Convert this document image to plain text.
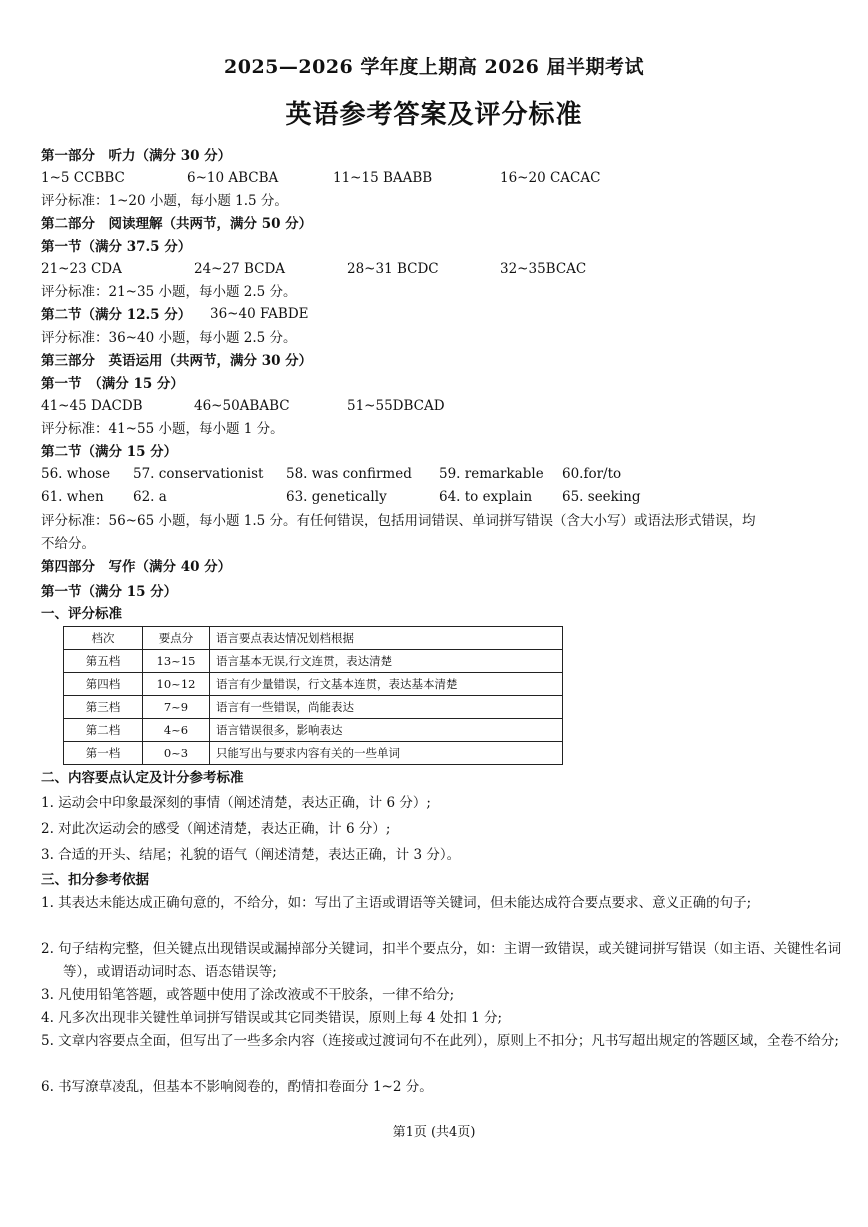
2025—2026 学年度上期高 2026 届半期考试
英语参考答案及评分标准
第一部分　听力（满分 30 分）
1~5 CCBBC	6~10 ABCBA	11~15 BAABB	16~20 CACAC
评分标准：1~20 小题，每小题 1.5 分。
第二部分　阅读理解（共两节，满分 50 分）
第一节（满分 37.5 分）
21~23 CDA	24~27 BCDA	28~31 BCDC	32~35BCAC
评分标准：21~35 小题，每小题 2.5 分。
第二节（满分 12.5 分） 36~40 FABDE
评分标准：36~40 小题，每小题 2.5 分。
第三部分　英语运用（共两节，满分 30 分）
第一节　（满分 15 分）
41~45 DACDB	46~50ABABC	51~55DBCAD
评分标准：41~55 小题，每小题 1 分。
第二节（满分 15 分）
56. whose 57. conservationist 58. was confirmed 59. remarkable 60.for/to
61. when 62. a	63. genetically	64. to explain 65. seeking
评分标准：56~65 小题，每小题 1.5 分。有任何错误，包括用词错误、单词拼写错误（含大小写）或语法形式错误，均
不给分。
第四部分　写作（满分 40 分）
第一节（满分 15 分）
一、评分标准
档次	要点分	语言要点表达情况划档根据
第五档	13~15	语言基本无误,行文连贯，表达清楚
第四档	10~12	语言有少量错误，行文基本连贯，表达基本清楚
第三档	7~9	语言有一些错误，尚能表达
第二档	4~6	语言错误很多，影响表达
第一档	0~3	只能写出与要求内容有关的一些单词
二、内容要点认定及计分参考标准
1. 运动会中印象最深刻的事情（阐述清楚，表达正确，计 6 分）;
2. 对此次运动会的感受（阐述清楚，表达正确，计 6 分）;
3. 合适的开头、结尾；礼貌的语气（阐述清楚，表达正确，计 3 分）。
三、扣分参考依据
1. 其表达未能达成正确句意的，不给分，如：写出了主语或谓语等关键词，但未能达成符合要点要求、意义正确的句子;
2. 句子结构完整，但关键点出现错误或漏掉部分关键词，扣半个要点分，如：主谓一致错误，或关键词拼写错误（如主语、关键性名词等），或谓语动词时态、语态错误等;
3. 凡使用铅笔答题，或答题中使用了涂改液或不干胶条，一律不给分;
4. 凡多次出现非关键性单词拼写错误或其它同类错误，原则上每 4 处扣 1 分;
5. 文章内容要点全面，但写出了一些多余内容（连接或过渡词句不在此列），原则上不扣分；凡书写超出规定的答题区域，全卷不给分;
6. 书写潦草凌乱，但基本不影响阅卷的，酌情扣卷面分 1~2 分。
第1页 (共4页)
